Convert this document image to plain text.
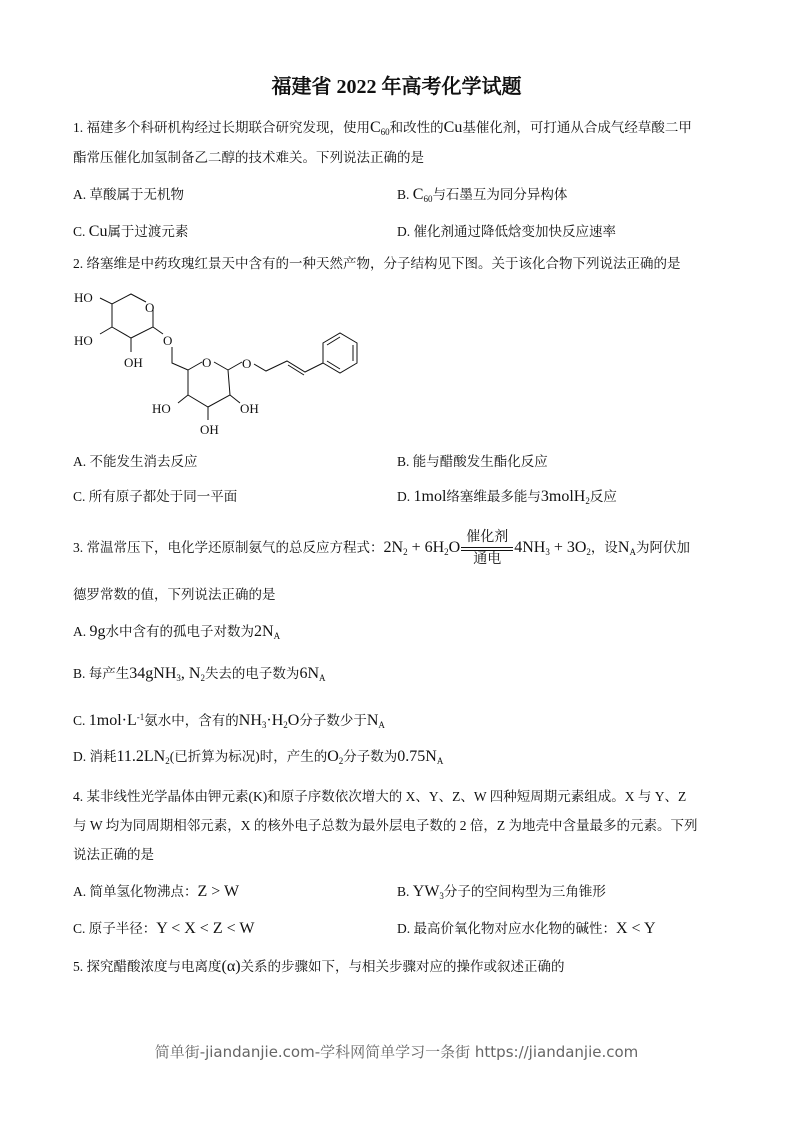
福建省 2022 年高考化学试题
1. 福建多个科研机构经过长期联合研究发现，使用$C_{60}$和改性的Cu基催化剂，可打通从合成气经草酸二甲
酯常压催化加氢制备乙二醇的技术难关。下列说法正确的是
A. 草酸属于无机物	B. $C_{60}$与石墨互为同分异构体
C. Cu属于过渡元素	D. 催化剂通过降低焓变加快反应速率
2. 络塞维是中药玫瑰红景天中含有的一种天然产物，分子结构见下图。关于该化合物下列说法正确的是
HO
HO
OH
O
O
O O
HO	OH
OH
A. 不能发生消去反应	B. 能与醋酸发生酯化反应
C. 所有原子都处于同一平面	D. 1mol络塞维最多能与3molH$_2$反应
3. 常温常压下，电化学还原制氨气的总反应方程式：$2N_2 + 6H_2O$
催化剂
通电
$4NH_3 + 3O_2$，设$N_A$为阿伏加
德罗常数的值，下列说法正确的是
A. 9g水中含有的孤电子对数为$2N_A$
B. 每产生34gNH$_3$, $N_2$失去的电子数为$6N_A$
C. $1mol\cdot L^{-1}$氨水中，含有的$NH_3\cdot H_2O$分子数少于$N_A$
D. 消耗$11.2LN_2$(已折算为标况)时，产生的$O_2$分子数为$0.75N_A$
4. 某非线性光学晶体由钾元素(K)和原子序数依次增大的 X、Y、Z、W 四种短周期元素组成。X 与 Y、Z
与 W 均为同周期相邻元素，X 的核外电子总数为最外层电子数的 2 倍，Z 为地壳中含量最多的元素。下列
说法正确的是
A. 简单氢化物沸点：Z > W	B. $YW_3$分子的空间构型为三角锥形
C. 原子半径：Y < X < Z < W	D. 最高价氧化物对应水化物的碱性：X < Y
5. 探究醋酸浓度与电离度(α)关系的步骤如下，与相关步骤对应的操作或叙述正确的
简单街-jiandanjie.com-学科网简单学习一条街 https://jiandanjie.com
